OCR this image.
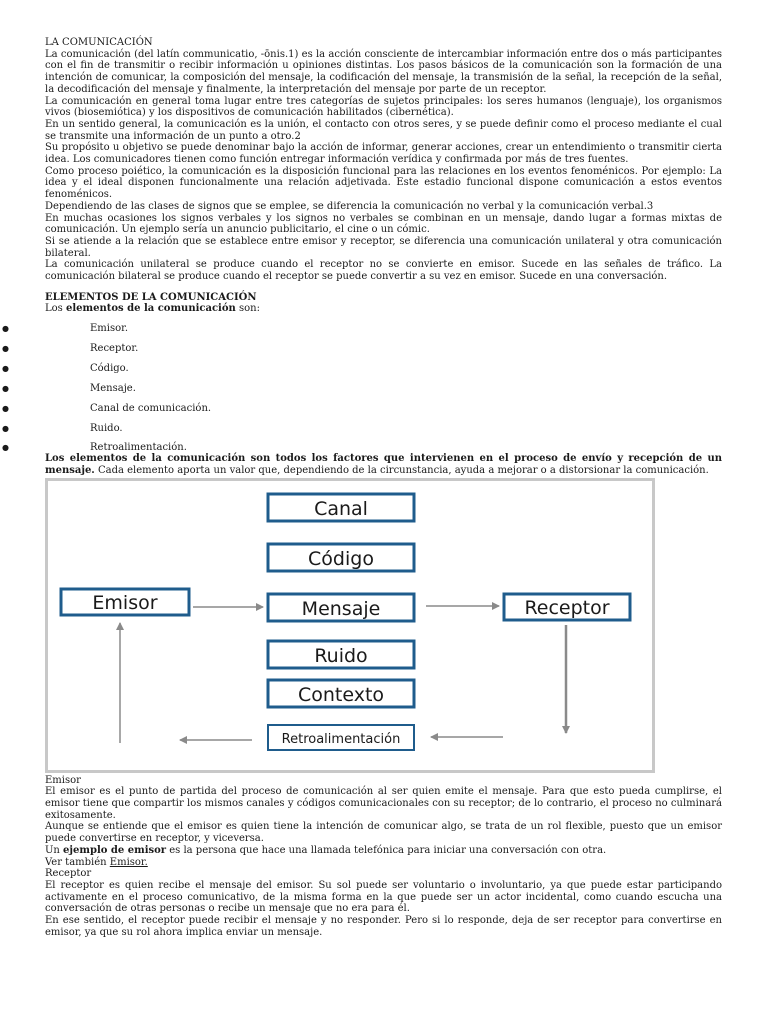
LA COMUNICACIÓN

La comunicación (del latín communicatio, -ōnis.1) es la acción consciente de intercambiar información entre dos o más participantes con el fin de transmitir o recibir información u opiniones distintas. Los pasos básicos de la comunicación son la formación de una intención de comunicar, la composición del mensaje, la codificación del mensaje, la transmisión de la señal, la recepción de la señal, la decodificación del mensaje y finalmente, la interpretación del mensaje por parte de un receptor.

La comunicación en general toma lugar entre tres categorías de sujetos principales: los seres humanos (lenguaje), los organismos vivos (biosemiótica) y los dispositivos de comunicación habilitados (cibernética).

En un sentido general, la comunicación es la unión, el contacto con otros seres, y se puede definir como el proceso mediante el cual se transmite una información de un punto a otro.2

Su propósito u objetivo se puede denominar bajo la acción de informar, generar acciones, crear un entendimiento o transmitir cierta idea. Los comunicadores tienen como función entregar información verídica y confirmada por más de tres fuentes.

Como proceso poiético, la comunicación es la disposición funcional para las relaciones en los eventos fenoménicos. Por ejemplo: La idea y el ideal disponen funcionalmente una relación adjetivada. Este estadio funcional dispone comunicación a estos eventos fenoménicos.

Dependiendo de las clases de signos que se emplee, se diferencia la comunicación no verbal y la comunicación verbal.3

En muchas ocasiones los signos verbales y los signos no verbales se combinan en un mensaje, dando lugar a formas mixtas de comunicación. Un ejemplo sería un anuncio publicitario, el cine o un cómic.

Si se atiende a la relación que se establece entre emisor y receptor, se diferencia una comunicación unilateral y otra comunicación bilateral.

La comunicación unilateral se produce cuando el receptor no se convierte en emisor. Sucede en las señales de tráfico. La comunicación bilateral se produce cuando el receptor se puede convertir a su vez en emisor. Sucede en una conversación.

ELEMENTOS DE LA COMUNICACIÓN

Los elementos de la comunicación son:

●	Emisor.
●	Receptor.
●	Código.
●	Mensaje.
●	Canal de comunicación.
●	Ruido.
●	Retroalimentación.

Los elementos de la comunicación son todos los factores que intervienen en el proceso de envío y recepción de un mensaje. Cada elemento aporta un valor que, dependiendo de la circunstancia, ayuda a mejorar o a distorsionar la comunicación.

Canal
Código
Emisor	Mensaje	Receptor
Ruido
Contexto
Retroalimentación

Emisor

El emisor es el punto de partida del proceso de comunicación al ser quien emite el mensaje. Para que esto pueda cumplirse, el emisor tiene que compartir los mismos canales y códigos comunicacionales con su receptor; de lo contrario, el proceso no culminará exitosamente.

Aunque se entiende que el emisor es quien tiene la intención de comunicar algo, se trata de un rol flexible, puesto que un emisor puede convertirse en receptor, y viceversa.

Un ejemplo de emisor es la persona que hace una llamada telefónica para iniciar una conversación con otra.

Ver también Emisor.

Receptor

El receptor es quien recibe el mensaje del emisor. Su sol puede ser voluntario o involuntario, ya que puede estar participando activamente en el proceso comunicativo, de la misma forma en la que puede ser un actor incidental, como cuando escucha una conversación de otras personas o recibe un mensaje que no era para él.

En ese sentido, el receptor puede recibir el mensaje y no responder. Pero si lo responde, deja de ser receptor para convertirse en emisor, ya que su rol ahora implica enviar un mensaje.
